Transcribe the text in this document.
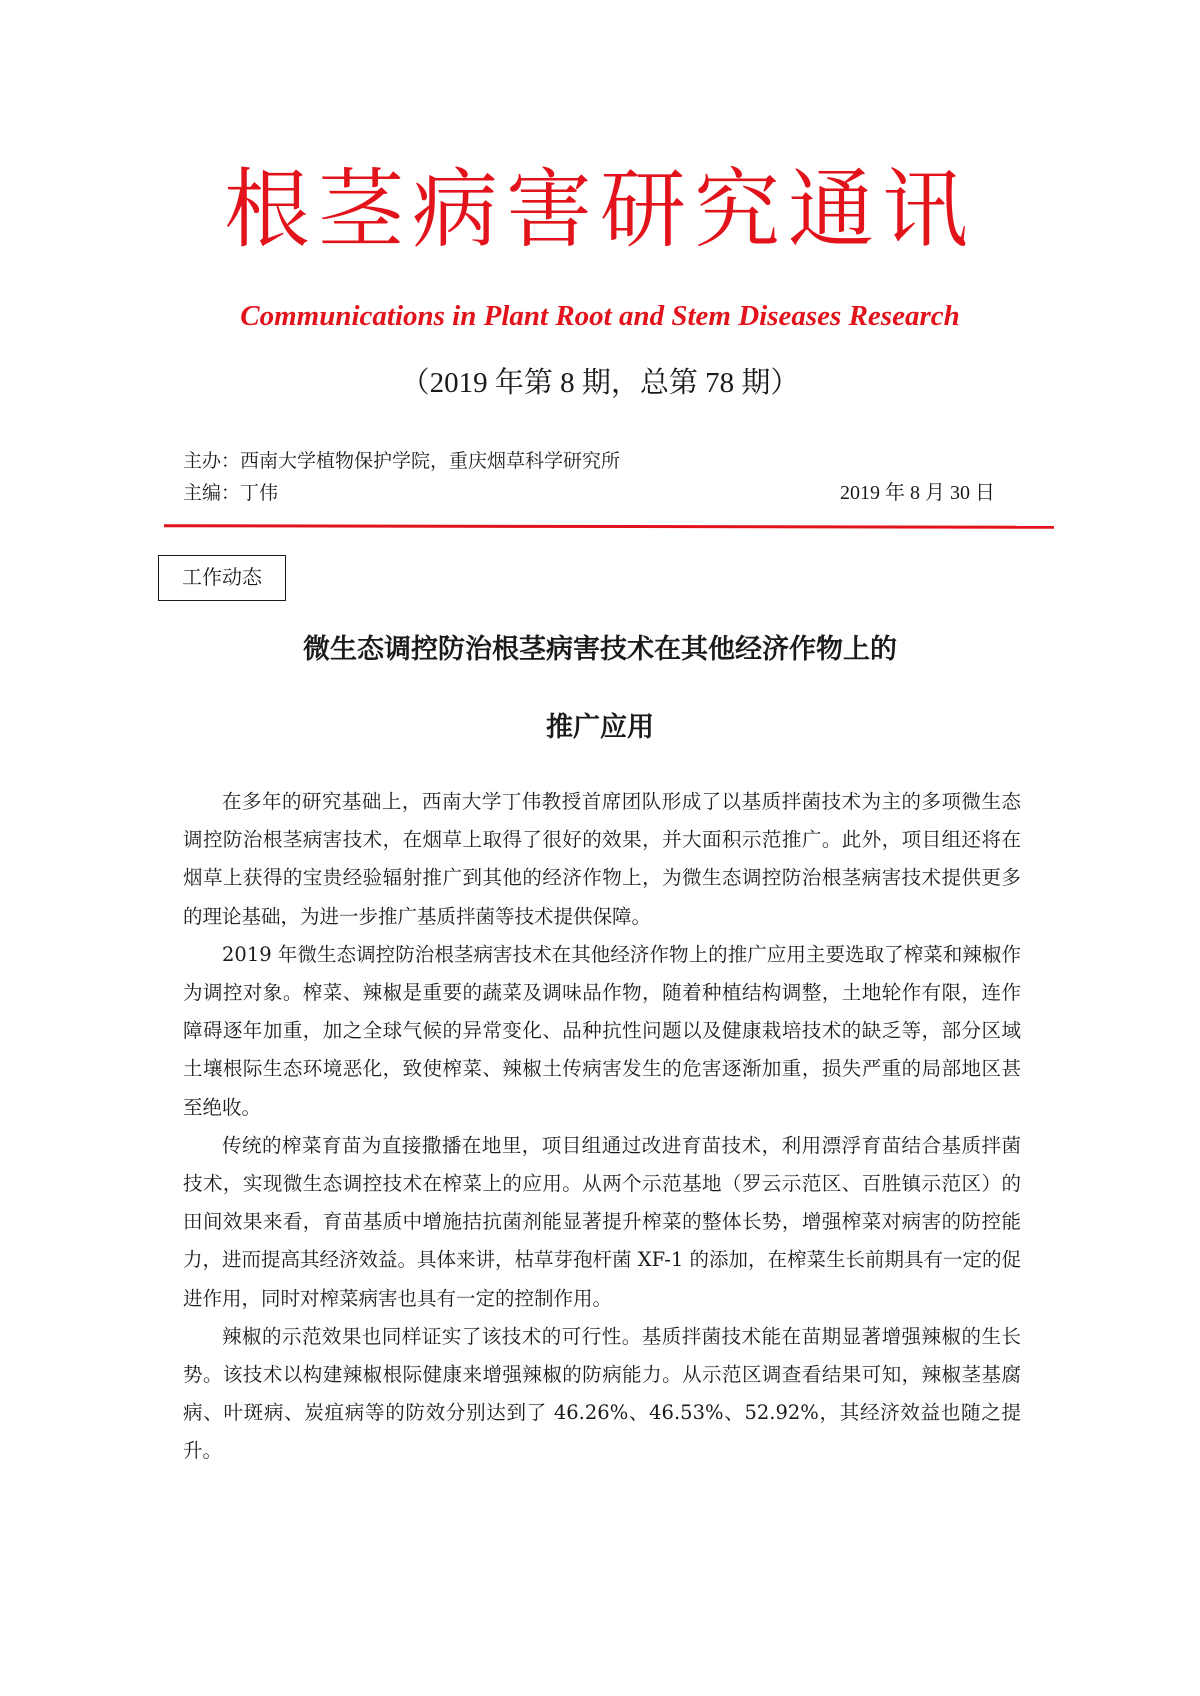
根茎病害研究通讯
Communications in Plant Root and Stem Diseases Research
（2019 年第 8 期，总第 78 期）
主办：西南大学植物保护学院，重庆烟草科学研究所
主编：丁伟	2019 年 8 月 30 日
工作动态
微生态调控防治根茎病害技术在其他经济作物上的
推广应用

在多年的研究基础上，西南大学丁伟教授首席团队形成了以基质拌菌技术为主的多项微生态调控防治根茎病害技术，在烟草上取得了很好的效果，并大面积示范推广。此外，项目组还将在烟草上获得的宝贵经验辐射推广到其他的经济作物上，为微生态调控防治根茎病害技术提供更多的理论基础，为进一步推广基质拌菌等技术提供保障。

2019 年微生态调控防治根茎病害技术在其他经济作物上的推广应用主要选取了榨菜和辣椒作为调控对象。榨菜、辣椒是重要的蔬菜及调味品作物，随着种植结构调整，土地轮作有限，连作障碍逐年加重，加之全球气候的异常变化、品种抗性问题以及健康栽培技术的缺乏等，部分区域土壤根际生态环境恶化，致使榨菜、辣椒土传病害发生的危害逐渐加重，损失严重的局部地区甚至绝收。

传统的榨菜育苗为直接撒播在地里，项目组通过改进育苗技术，利用漂浮育苗结合基质拌菌技术，实现微生态调控技术在榨菜上的应用。从两个示范基地（罗云示范区、百胜镇示范区）的田间效果来看，育苗基质中增施拮抗菌剂能显著提升榨菜的整体长势，增强榨菜对病害的防控能力，进而提高其经济效益。具体来讲，枯草芽孢杆菌 XF-1 的添加，在榨菜生长前期具有一定的促进作用，同时对榨菜病害也具有一定的控制作用。

辣椒的示范效果也同样证实了该技术的可行性。基质拌菌技术能在苗期显著增强辣椒的生长势。该技术以构建辣椒根际健康来增强辣椒的防病能力。从示范区调查看结果可知，辣椒茎基腐病、叶斑病、炭疽病等的防效分别达到了 46.26%、46.53%、52.92%，其经济效益也随之提升。
